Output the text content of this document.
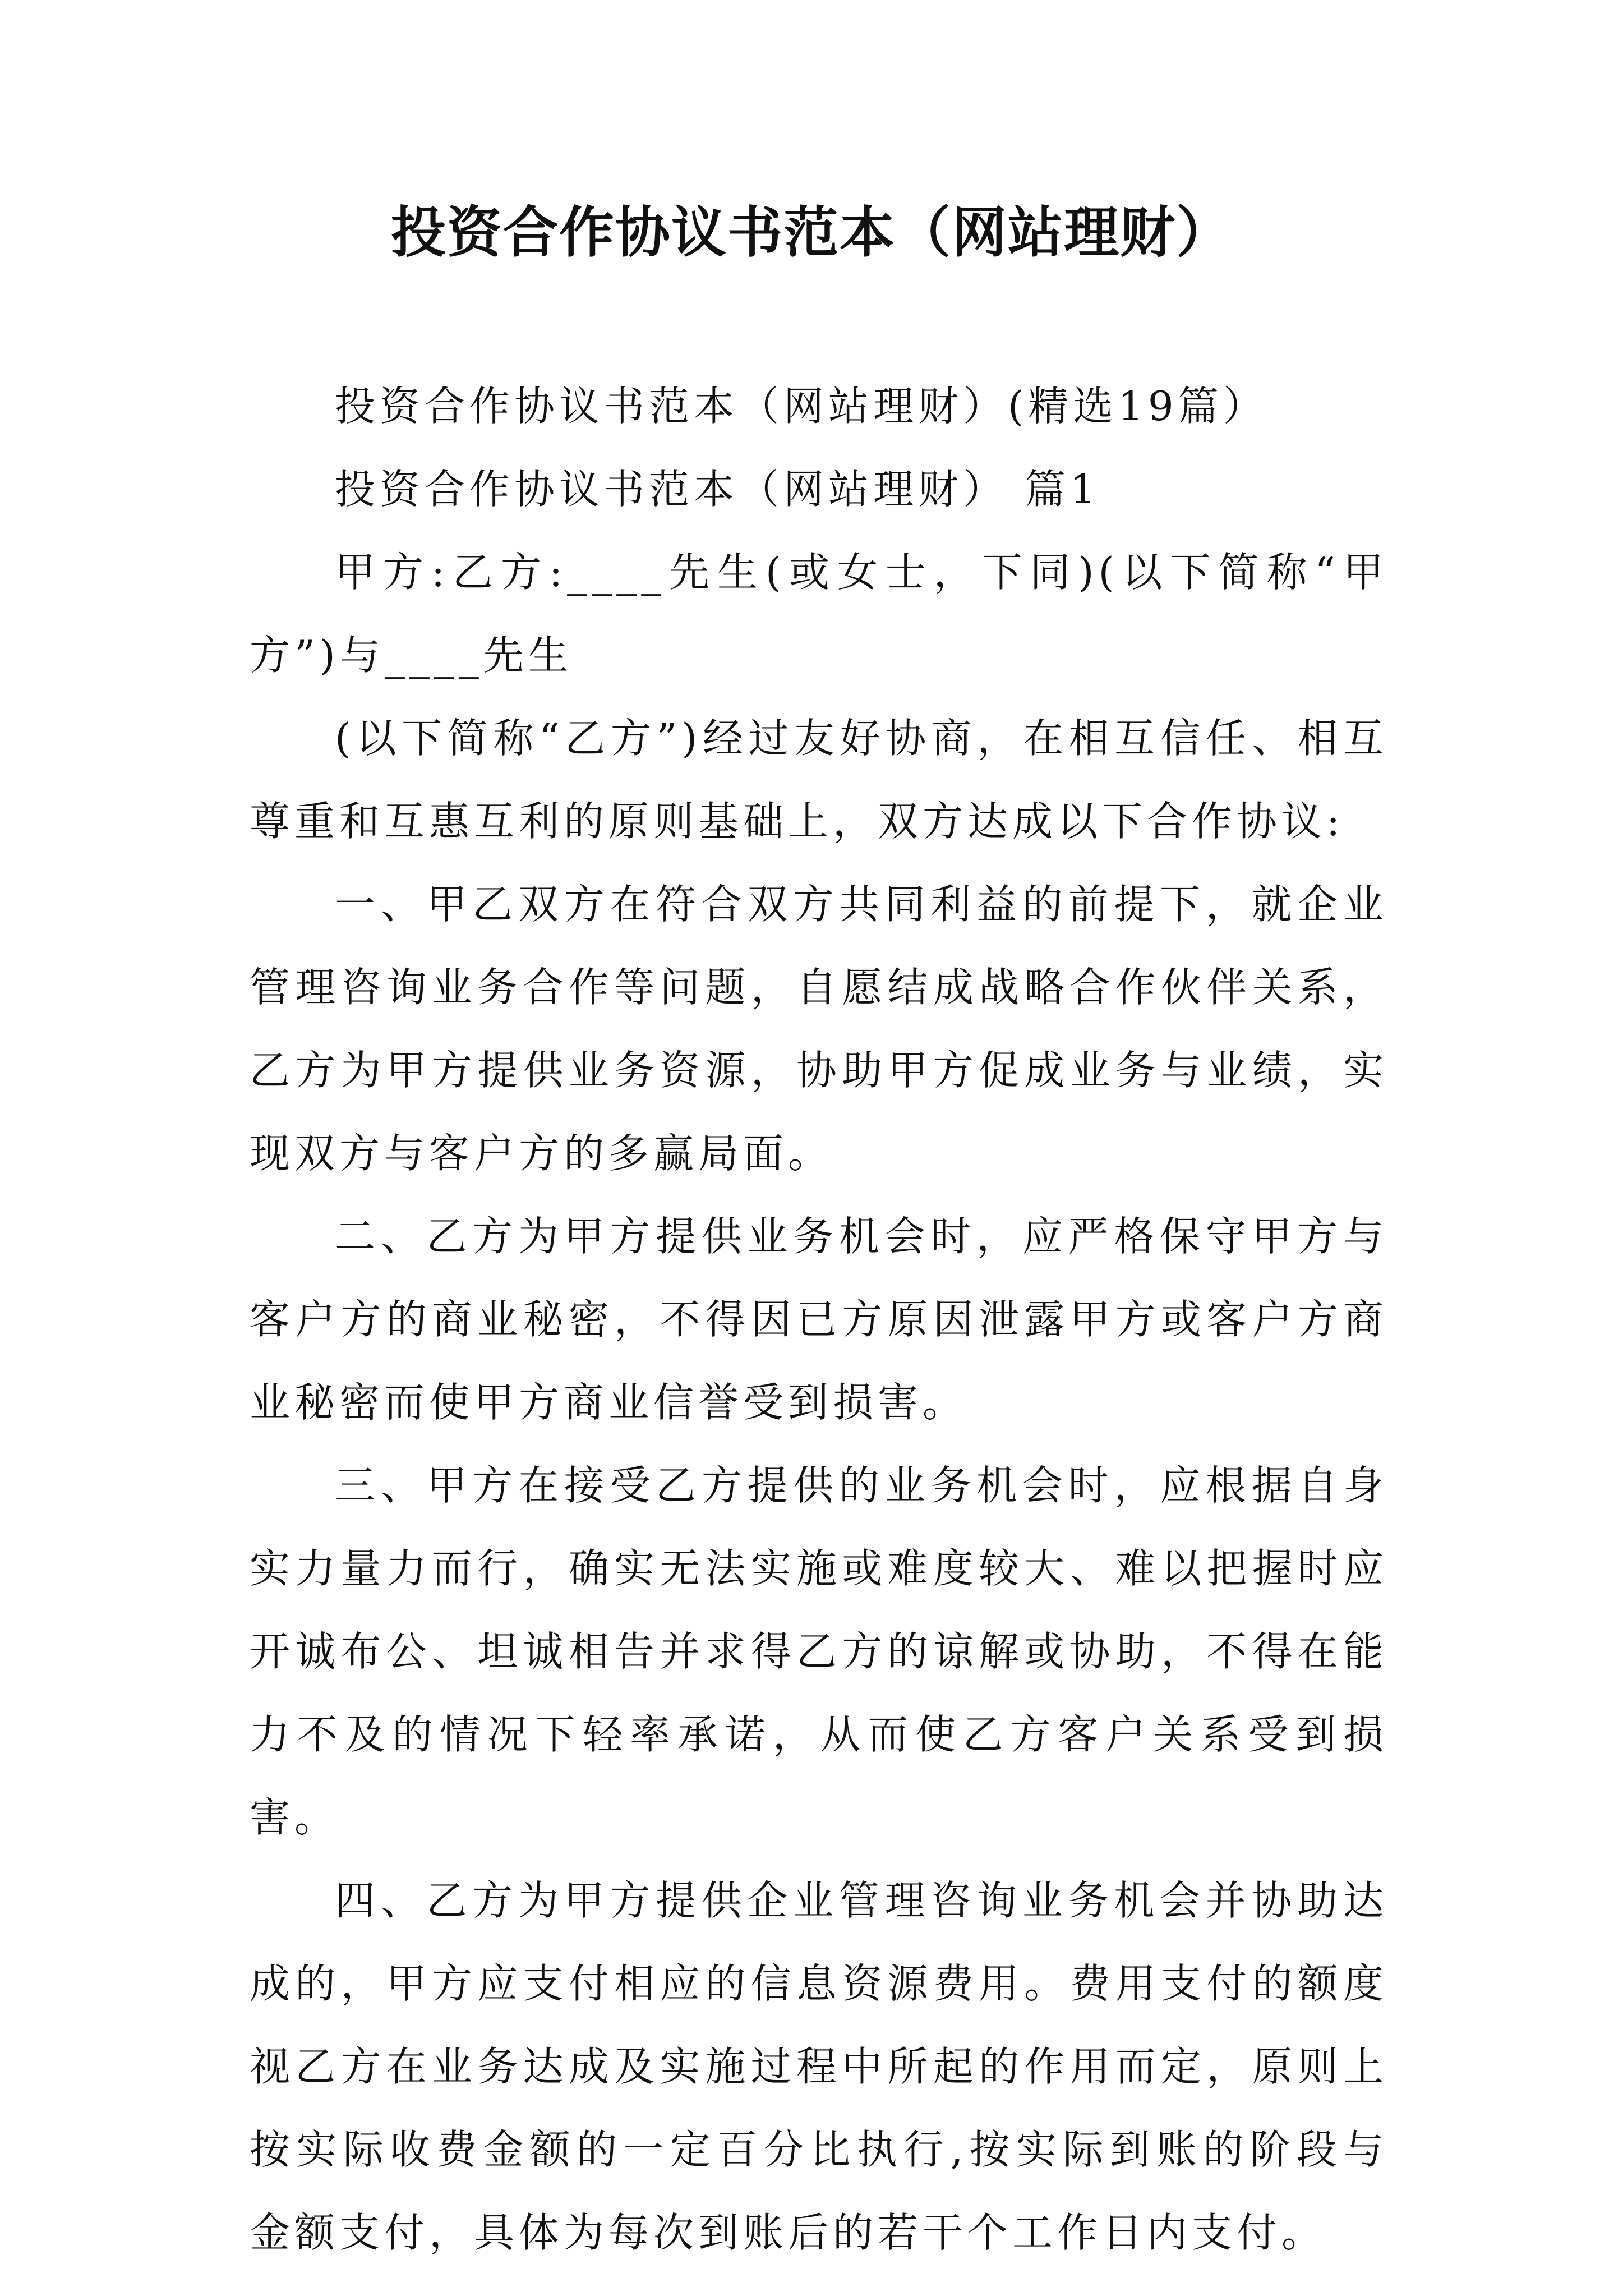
投资合作协议书范本（网站理财）

投资合作协议书范本（网站理财）(精选19篇）

投资合作协议书范本（网站理财） 篇1

甲方:乙方:____先生(或女士，下同)(以下简称“甲方”)与____先生

(以下简称“乙方”)经过友好协商，在相互信任、相互尊重和互惠互利的原则基础上，双方达成以下合作协议:

一、甲乙双方在符合双方共同利益的前提下，就企业管理咨询业务合作等问题，自愿结成战略合作伙伴关系，乙方为甲方提供业务资源，协助甲方促成业务与业绩，实现双方与客户方的多赢局面。

二、乙方为甲方提供业务机会时，应严格保守甲方与客户方的商业秘密，不得因已方原因泄露甲方或客户方商业秘密而使甲方商业信誉受到损害。

三、甲方在接受乙方提供的业务机会时，应根据自身实力量力而行，确实无法实施或难度较大、难以把握时应开诚布公、坦诚相告并求得乙方的谅解或协助，不得在能力不及的情况下轻率承诺，从而使乙方客户关系受到损害。

四、乙方为甲方提供企业管理咨询业务机会并协助达成的，甲方应支付相应的信息资源费用。费用支付的额度视乙方在业务达成及实施过程中所起的作用而定，原则上按实际收费金额的一定百分比执行,按实际到账的阶段与金额支付，具体为每次到账后的若干个工作日内支付。
